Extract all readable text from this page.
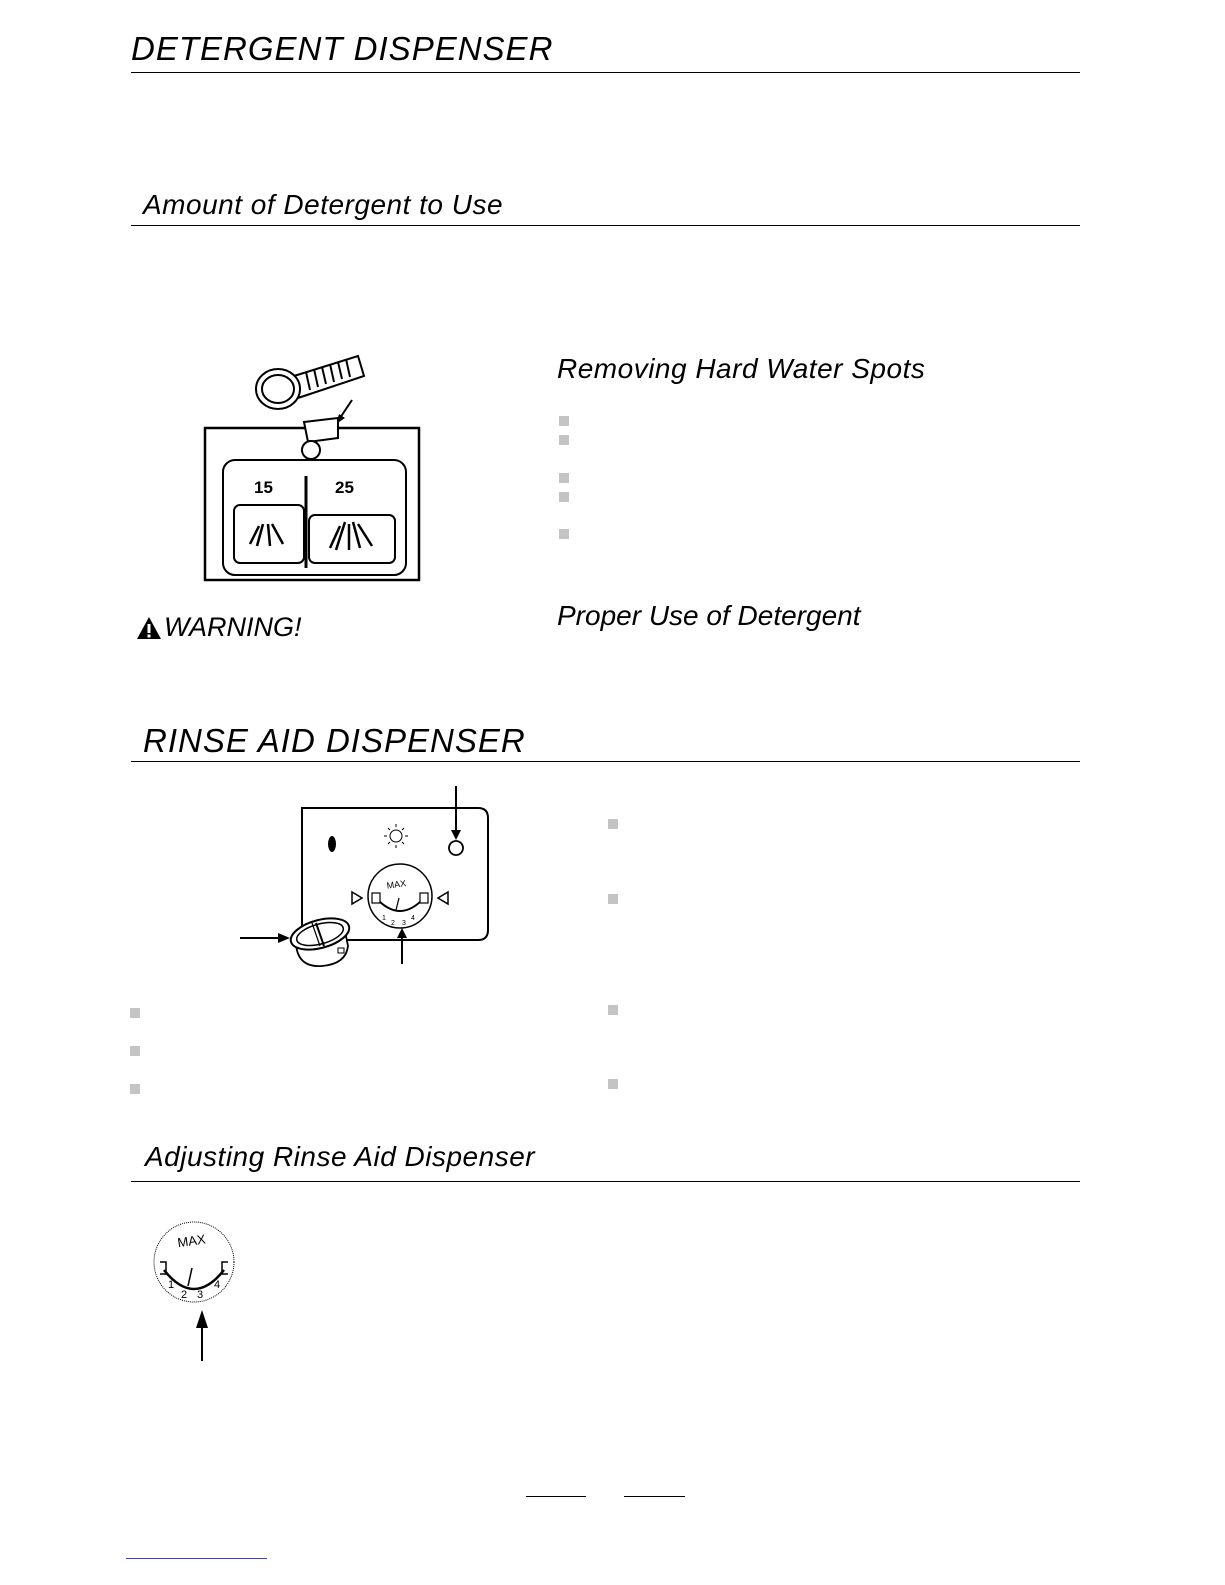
DETERGENT DISPENSER
Amount of Detergent to Use
15	25
Removing Hard Water Spots
Proper Use of Detergent
WARNING!
RINSE AID DISPENSER
MAX
1
2 3
4
Adjusting Rinse Aid Dispenser
MAX
1
2 3
4
